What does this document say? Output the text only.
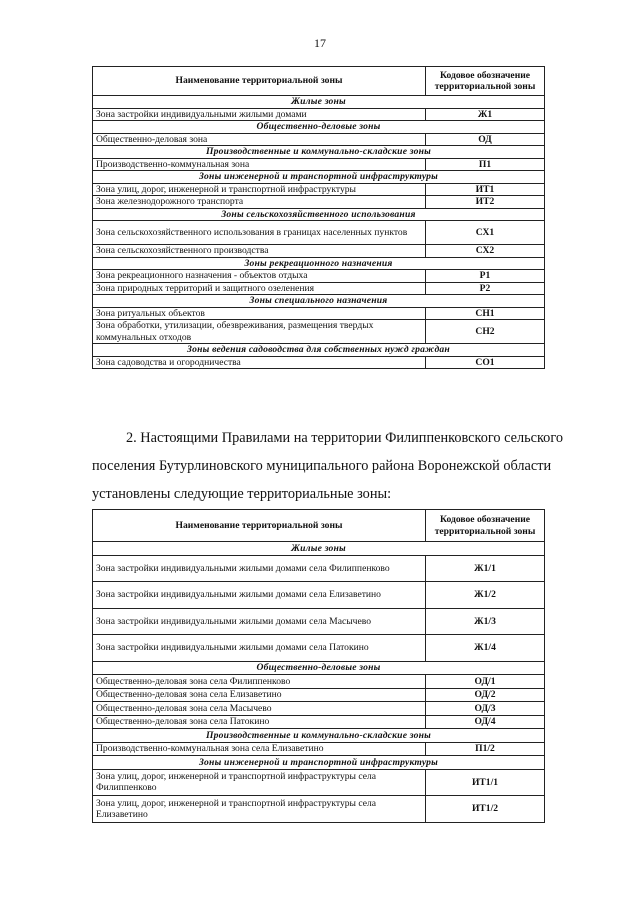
17
Наименование территориальной зоны	Кодовое обозначение территориальной зоны
Жилые зоны	
Зона застройки индивидуальными жилыми домами	Ж1
Общественно-деловые зоны	
Общественно-деловая зона	ОД
Производственные и коммунально-складские зоны	
Производственно-коммунальная зона	П1
Зоны инженерной и транспортной инфраструктуры	
Зона улиц, дорог, инженерной и транспортной инфраструктуры	ИТ1
Зона железнодорожного транспорта	ИТ2
Зоны сельскохозяйственного использования	
Зона сельскохозяйственного использования в границах населенных пунктов	СХ1
Зона сельскохозяйственного производства	СХ2
Зоны рекреационного назначения	
Зона рекреационного назначения - объектов отдыха	Р1
Зона природных территорий и защитного озеленения	Р2
Зоны специального назначения	
Зона ритуальных объектов	СН1
Зона обработки, утилизации, обезвреживания, размещения твердых коммунальных отходов	СН2
Зоны ведения садоводства для собственных нужд граждан	
Зона садоводства и огородничества	СО1
2. Настоящими Правилами на территории Филиппенковского сельского
поселения Бутурлиновского муниципального района Воронежской области
установлены следующие территориальные зоны:
Наименование территориальной зоны	Кодовое обозначение территориальной зоны
Жилые зоны	
Зона застройки индивидуальными жилыми домами села Филиппенково	Ж1/1
Зона застройки индивидуальными жилыми домами села Елизаветино	Ж1/2
Зона застройки индивидуальными жилыми домами села Масычево	Ж1/3
Зона застройки индивидуальными жилыми домами села Патокино	Ж1/4
Общественно-деловые зоны	
Общественно-деловая зона села Филиппенково	ОД/1
Общественно-деловая зона села Елизаветино	ОД/2
Общественно-деловая зона села Масычево	ОД/3
Общественно-деловая зона села Патокино	ОД/4
Производственные и коммунально-складские зоны	
Производственно-коммунальная зона села Елизаветино	П1/2
Зоны инженерной и транспортной инфраструктуры	
Зона улиц, дорог, инженерной и транспортной инфраструктуры села Филиппенково	ИТ1/1
Зона улиц, дорог, инженерной и транспортной инфраструктуры села Елизаветино	ИТ1/2
